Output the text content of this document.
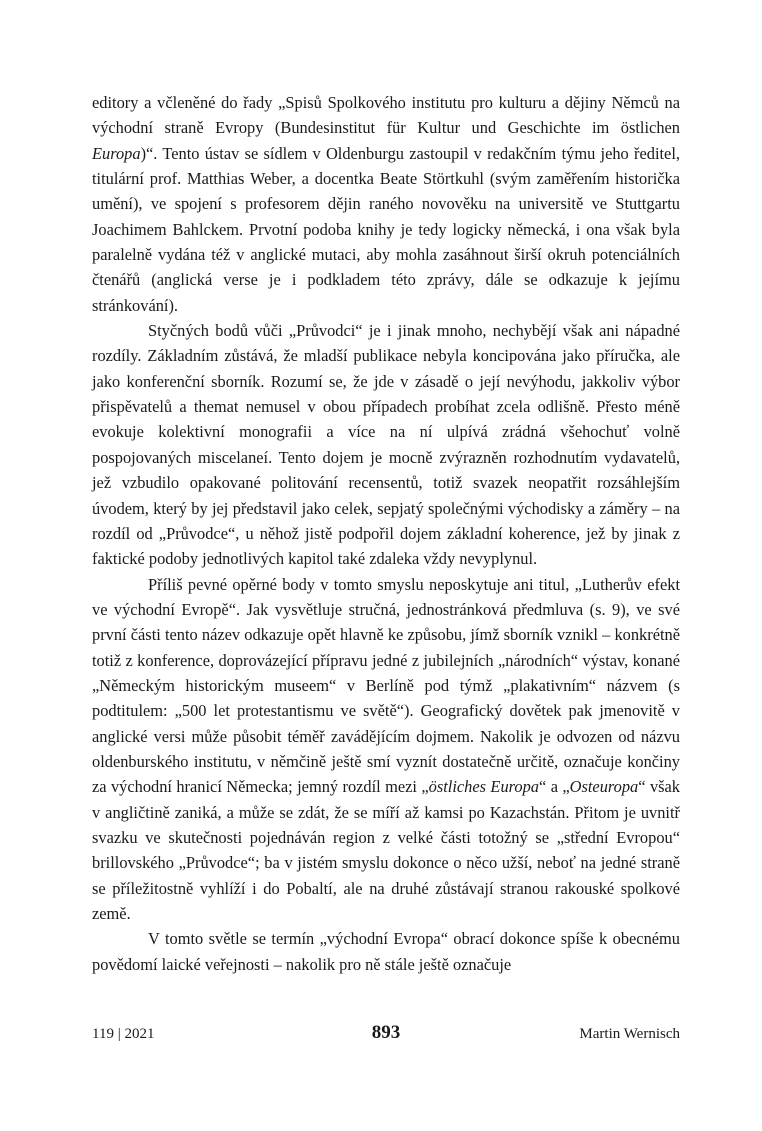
editory a včleněné do řady „Spisů Spolkového institutu pro kulturu a dějiny Němců na východní straně Evropy (Bundesinstitut für Kultur und Geschichte im östlichen Europa)“. Tento ústav se sídlem v Oldenburgu zastoupil v redakčním týmu jeho ředitel, titulární prof. Matthias Weber, a docentka Beate Störtkuhl (svým zaměřením historička umění), ve spojení s profesorem dějin raného novověku na universitě ve Stuttgartu Joachimem Bahlckem. Prvotní podoba knihy je tedy logicky německá, i ona však byla paralelně vydána též v anglické mutaci, aby mohla zasáhnout širší okruh potenciálních čtenářů (anglická verse je i podkladem této zprávy, dále se odkazuje k jejímu stránkování).

Styčných bodů vůči „Průvodci“ je i jinak mnoho, nechybějí však ani nápadné rozdíly. Základním zůstává, že mladší publikace nebyla koncipována jako příručka, ale jako konferenční sborník. Rozumí se, že jde v zásadě o její nevýhodu, jakkoliv výbor přispěvatelů a themat nemusel v obou případech probíhat zcela odlišně. Přesto méně evokuje kolektivní monografii a více na ní ulpívá zrádná všehochuť volně pospojovaných miscelaneí. Tento dojem je mocně zvýrazněn rozhodnutím vydavatelů, jež vzbudilo opakované politování recensentů, totiž svazek neopatřit rozsáhlejším úvodem, který by jej představil jako celek, sepjatý společnými východisky a záměry – na rozdíl od „Průvodce“, u něhož jistě podpořil dojem základní koherence, jež by jinak z faktické podoby jednotlivých kapitol také zdaleka vždy nevyplynul.

Příliš pevné opěrné body v tomto smyslu neposkytuje ani titul, „Lutherův efekt ve východní Evropě“. Jak vysvětluje stručná, jednostránková předmluva (s. 9), ve své první části tento název odkazuje opět hlavně ke způsobu, jímž sborník vznikl – konkrétně totiž z konference, doprovázející přípravu jedné z jubilejních „národních“ výstav, konané „Německým historickým museem“ v Berlíně pod týmž „plakativním“ názvem (s podtitulem: „500 let protestantismu ve světě“). Geografický dovětek pak jmenovitě v anglické versi může působit téměř zavádějícím dojmem. Nakolik je odvozen od názvu oldenburského institutu, v němčině ještě smí vyznít dostatečně určitě, označuje končiny za východní hranicí Německa; jemný rozdíl mezi „östliches Europa“ a „Osteuropa“ však v angličtině zaniká, a může se zdát, že se míří až kamsi po Kazachstán. Přitom je uvnitř svazku ve skutečnosti pojednáván region z velké části totožný se „střední Evropou“ brillovského „Průvodce“; ba v jistém smyslu dokonce o něco užší, neboť na jedné straně se příležitostně vyhlíží i do Pobaltí, ale na druhé zůstávají stranou rakouské spolkové země.

V tomto světle se termín „východní Evropa“ obrací dokonce spíše k obecnému povědomí laické veřejnosti – nakolik pro ně stále ještě označuje

119 | 2021	893	Martin Wernisch
